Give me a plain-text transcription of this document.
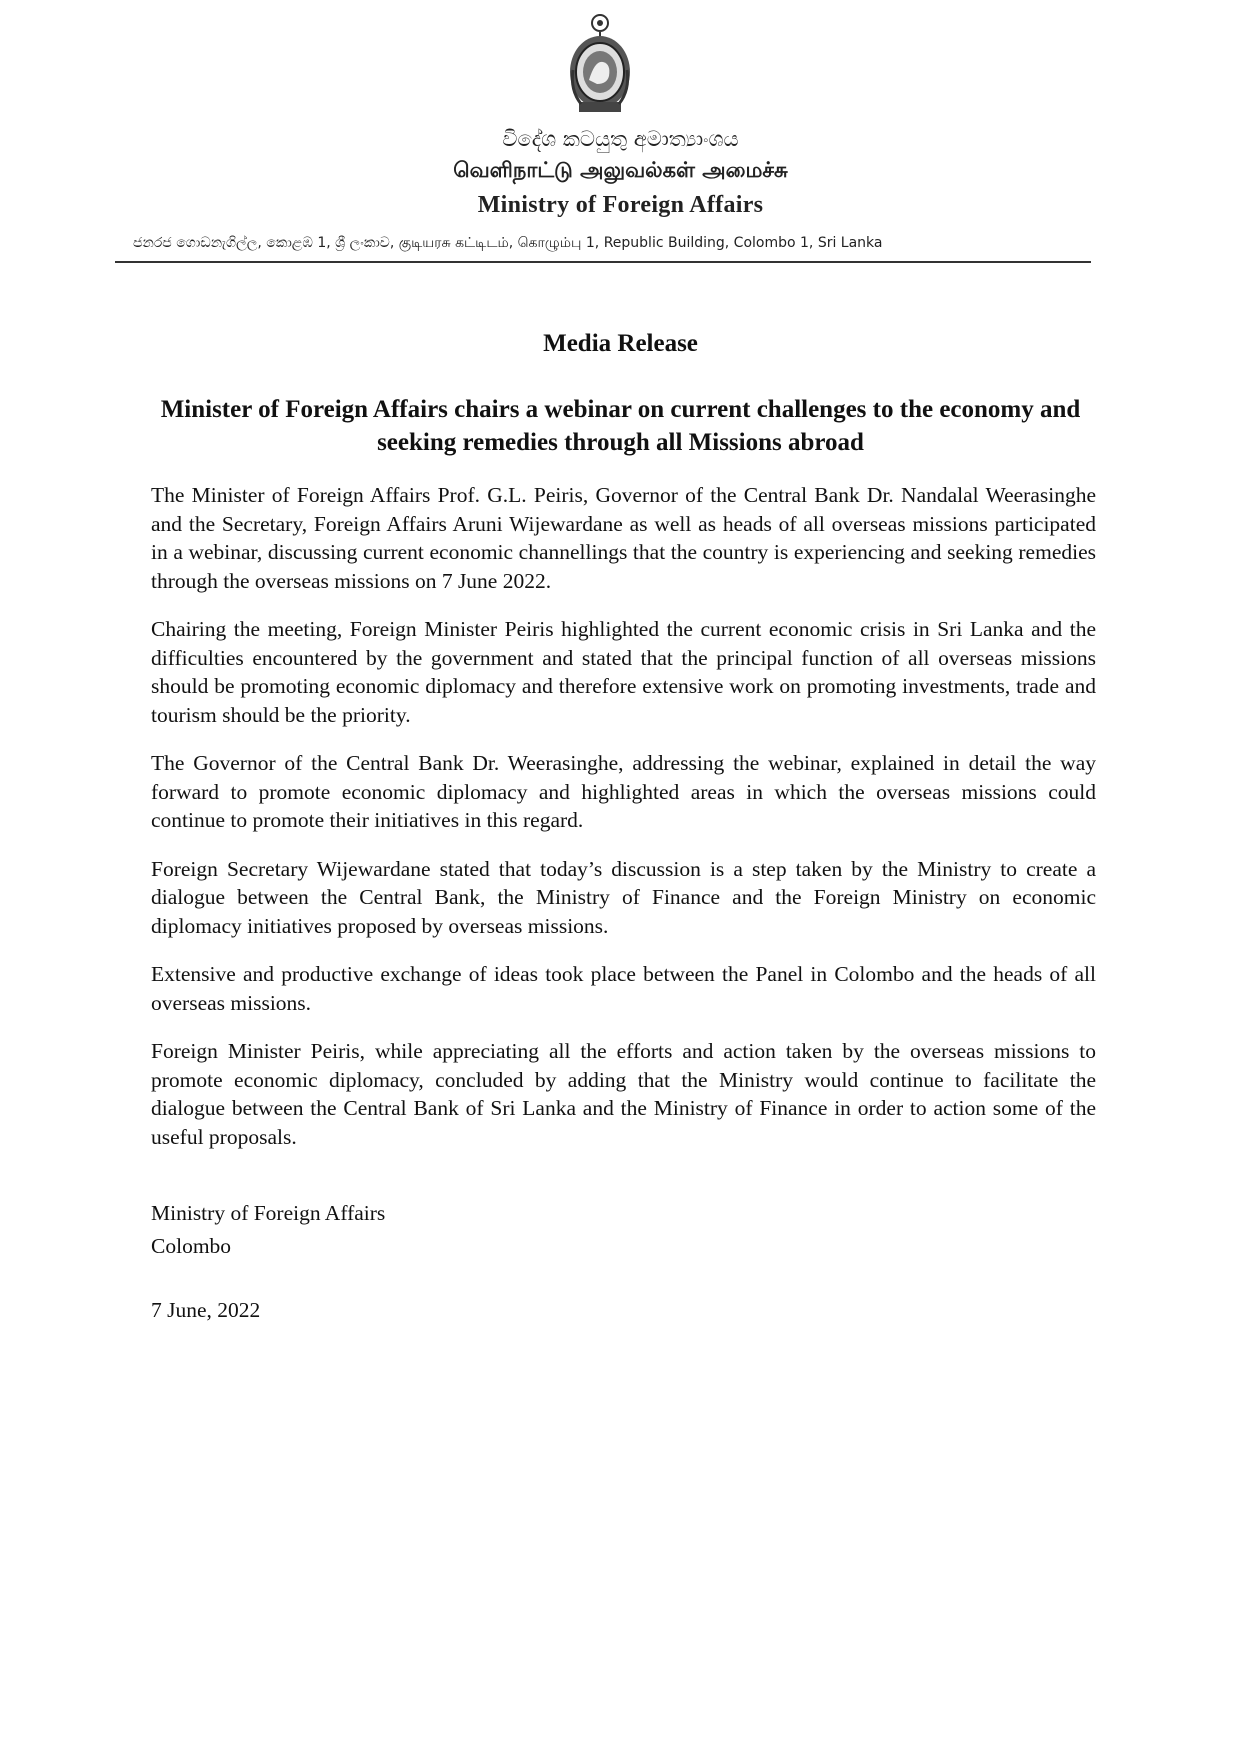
විදේශ කටයුතු අමාත්‍යාංශය
வெளிநாட்டு அலுவல்கள் அமைச்சு
Ministry of Foreign Affairs
ජනරජ ගොඩනැගිල්ල, කොළඹ 1, ශ්‍රී ලංකාව, குடியரசு கட்டிடம், கொழும்பு 1, Republic Building, Colombo 1, Sri Lanka
Media Release
Minister of Foreign Affairs chairs a webinar on current challenges to the economy and seeking remedies through all Missions abroad

The Minister of Foreign Affairs Prof. G.L. Peiris, Governor of the Central Bank Dr. Nandalal Weerasinghe and the Secretary, Foreign Affairs Aruni Wijewardane as well as heads of all overseas missions participated in a webinar, discussing current economic channellings that the country is experiencing and seeking remedies through the overseas missions on 7 June 2022.

Chairing the meeting, Foreign Minister Peiris highlighted the current economic crisis in Sri Lanka and the difficulties encountered by the government and stated that the principal function of all overseas missions should be promoting economic diplomacy and therefore extensive work on promoting investments, trade and tourism should be the priority.

The Governor of the Central Bank Dr. Weerasinghe, addressing the webinar, explained in detail the way forward to promote economic diplomacy and highlighted areas in which the overseas missions could continue to promote their initiatives in this regard.

Foreign Secretary Wijewardane stated that today’s discussion is a step taken by the Ministry to create a dialogue between the Central Bank, the Ministry of Finance and the Foreign Ministry on economic diplomacy initiatives proposed by overseas missions.

Extensive and productive exchange of ideas took place between the Panel in Colombo and the heads of all overseas missions.

Foreign Minister Peiris, while appreciating all the efforts and action taken by the overseas missions to promote economic diplomacy, concluded by adding that the Ministry would continue to facilitate the dialogue between the Central Bank of Sri Lanka and the Ministry of Finance in order to action some of the useful proposals.

Ministry of Foreign Affairs
Colombo
7 June, 2022
